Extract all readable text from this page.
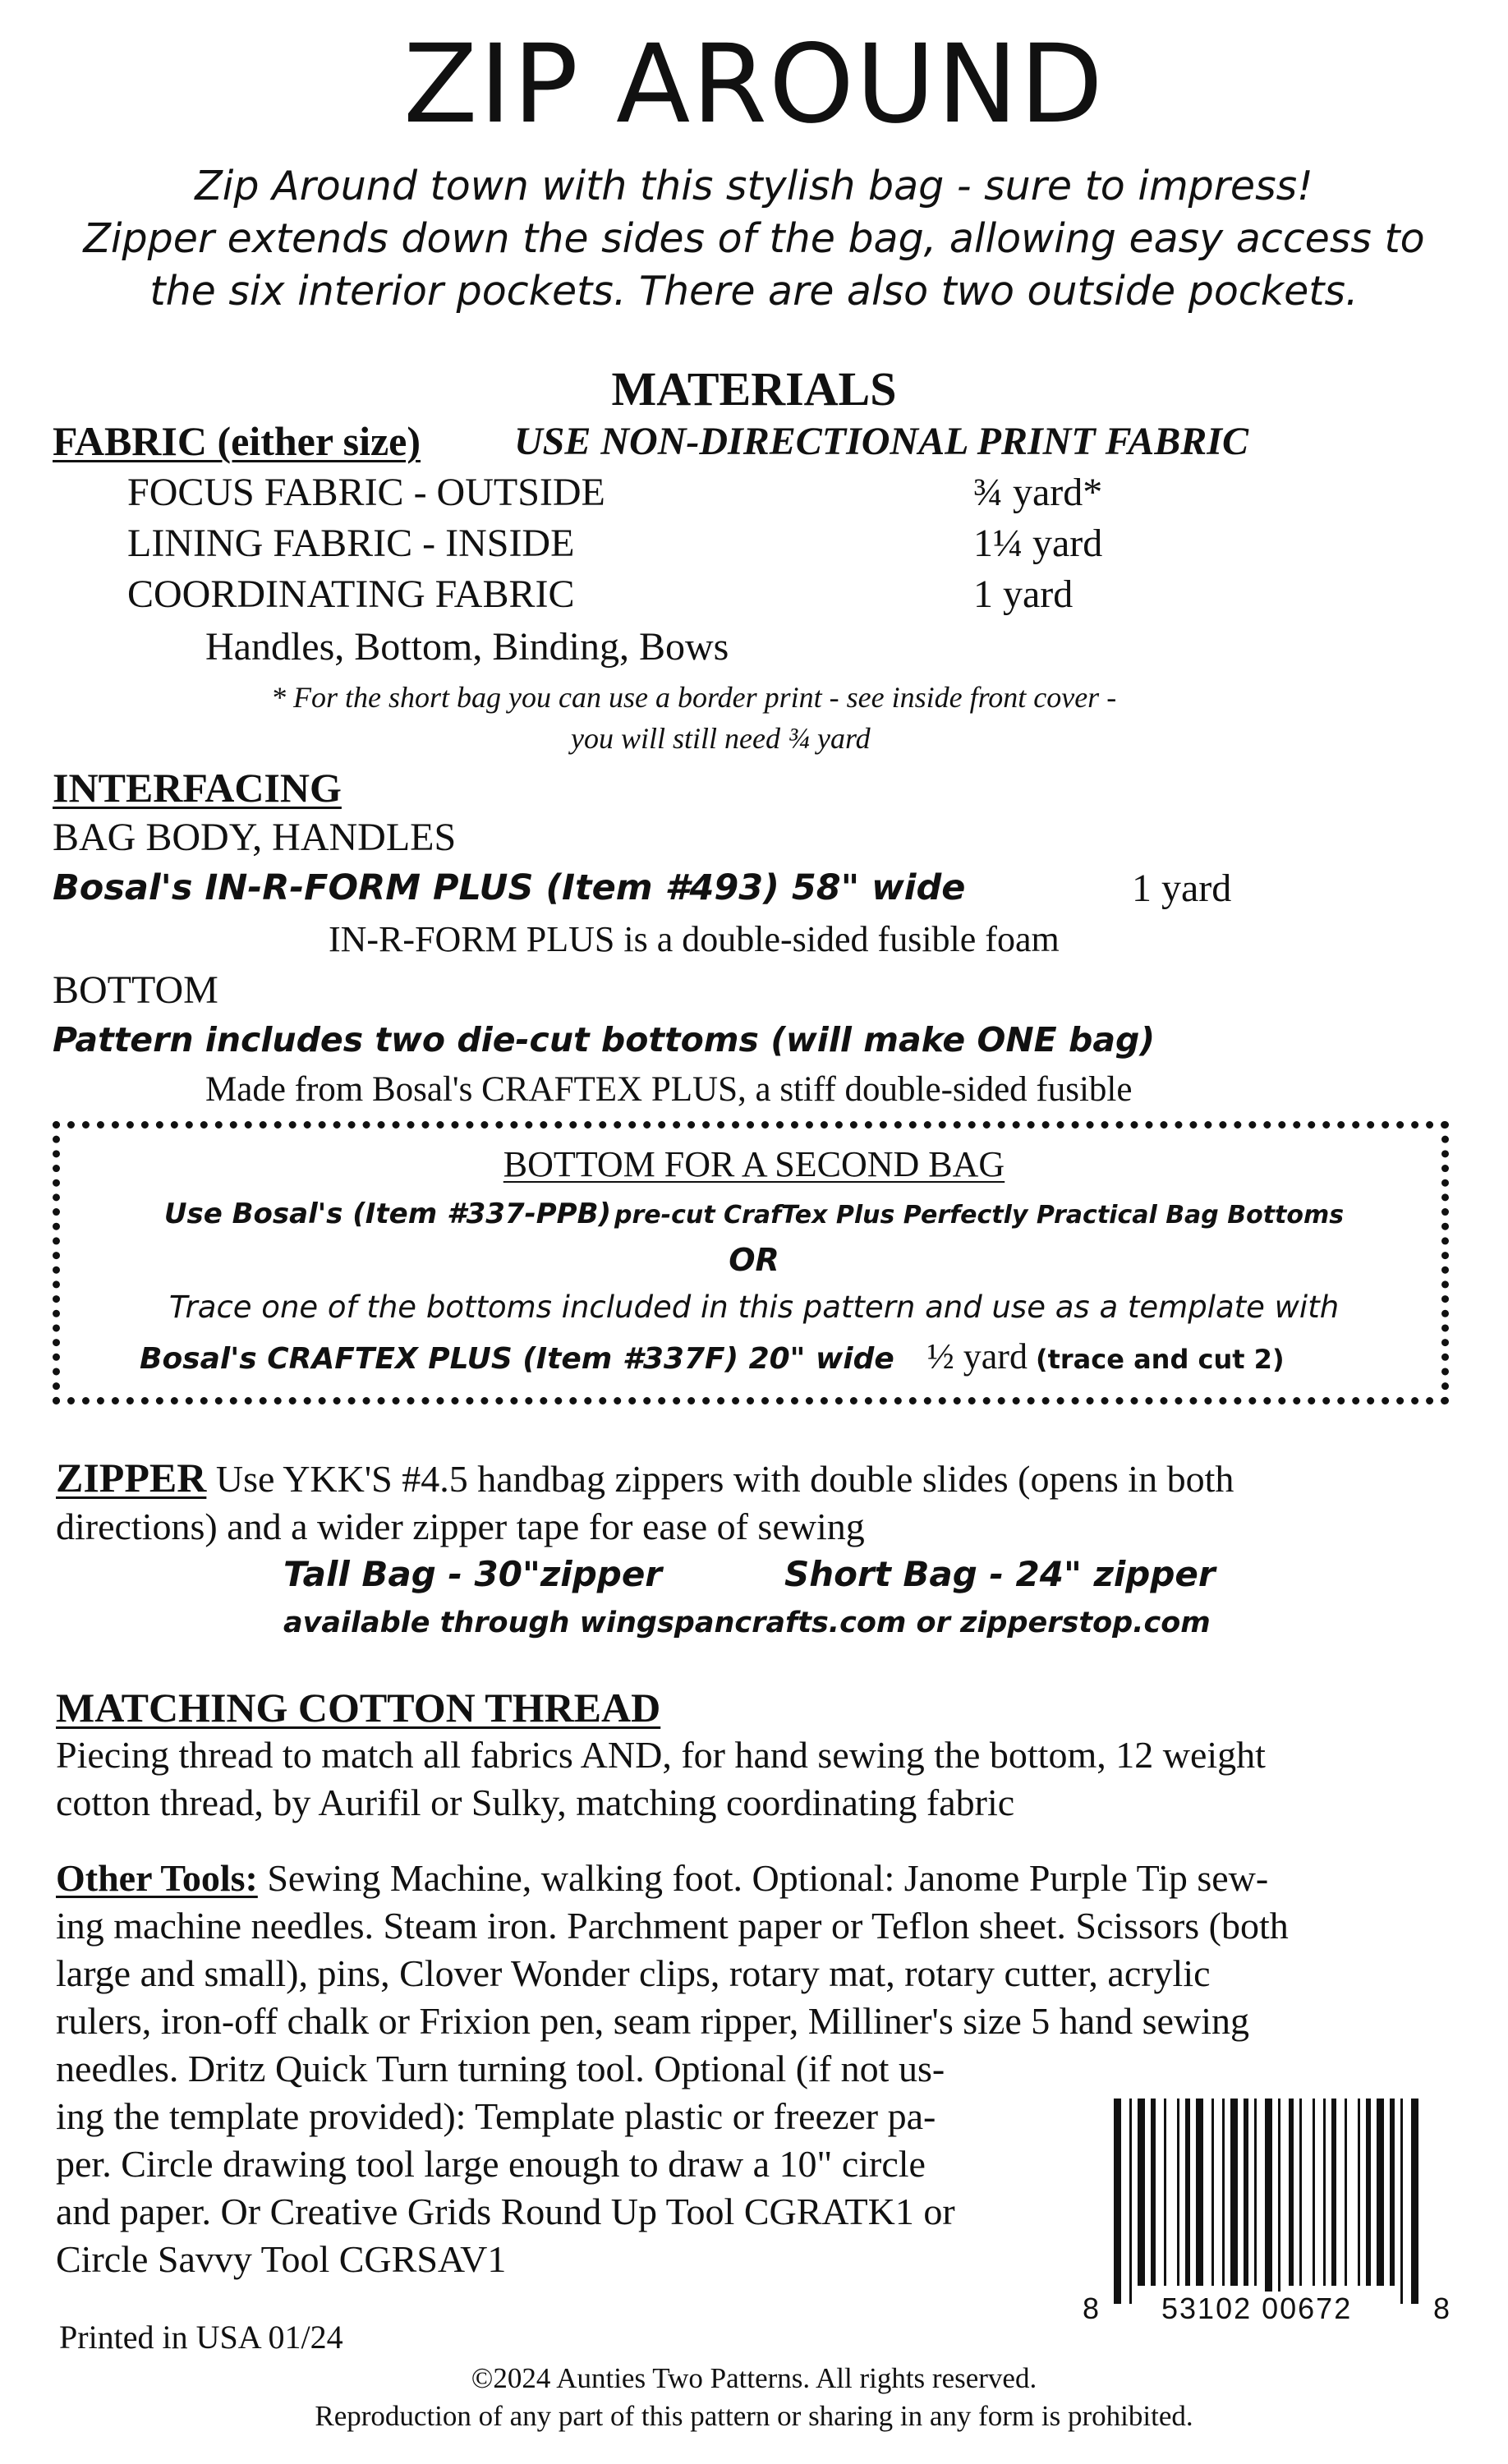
ZIP AROUND
Zip Around town with this stylish bag - sure to impress!
Zipper extends down the sides of the bag, allowing easy access to
the six interior pockets. There are also two outside pockets.
MATERIALS
FABRIC (either size) USE NON-DIRECTIONAL PRINT FABRIC
FOCUS FABRIC - OUTSIDE	¾ yard*
LINING FABRIC - INSIDE	1¼ yard
COORDINATING FABRIC	1 yard
Handles, Bottom, Binding, Bows
* For the short bag you can use a border print - see inside front cover -
you will still need ¾ yard
INTERFACING
BAG BODY, HANDLES
Bosal's IN-R-FORM PLUS (Item #493) 58" wide	1 yard
IN-R-FORM PLUS is a double-sided fusible foam
BOTTOM
Pattern includes two die-cut bottoms (will make ONE bag)
Made from Bosal's CRAFTEX PLUS, a stiff double-sided fusible
BOTTOM FOR A SECOND BAG
Use Bosal's (Item #337-PPB) pre-cut CrafTex Plus Perfectly Practical Bag Bottoms
OR
Trace one of the bottoms included in this pattern and use as a template with
Bosal's CRAFTEX PLUS (Item #337F) 20" wide ½ yard (trace and cut 2)
ZIPPER Use YKK'S #4.5 handbag zippers with double slides (opens in both
directions) and a wider zipper tape for ease of sewing
Tall Bag - 30"zipper	Short Bag - 24" zipper
available through wingspancrafts.com or zipperstop.com
MATCHING COTTON THREAD
Piecing thread to match all fabrics AND, for hand sewing the bottom, 12 weight
cotton thread, by Aurifil or Sulky, matching coordinating fabric
Other Tools: Sewing Machine, walking foot. Optional: Janome Purple Tip sew-
ing machine needles. Steam iron. Parchment paper or Teflon sheet. Scissors (both
large and small), pins, Clover Wonder clips, rotary mat, rotary cutter, acrylic
rulers, iron-off chalk or Frixion pen, seam ripper, Milliner's size 5 hand sewing
needles. Dritz Quick Turn turning tool. Optional (if not us-
ing the template provided): Template plastic or freezer pa-
per. Circle drawing tool large enough to draw a 10" circle
and paper. Or Creative Grids Round Up Tool CGRATK1 or
Circle Savvy Tool CGRSAV1
8 53102 00672	8
Printed in USA 01/24
©2024 Aunties Two Patterns. All rights reserved.
Reproduction of any part of this pattern or sharing in any form is prohibited.
